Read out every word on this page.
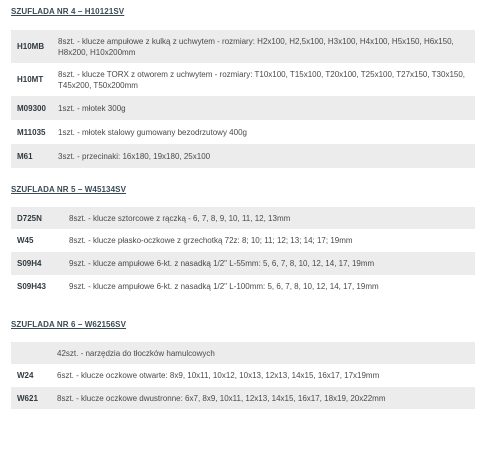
SZUFLADA NR 4 – H10121SV
H10MB	8szt. - klucze ampułowe z kulką z uchwytem - rozmiary: H2x100, H2,5x100, H3x100, H4x100, H5x150, H6x150, H8x200, H10x200mm
H10MT	8szt. - klucze TORX z otworem z uchwytem - rozmiary: T10x100, T15x100, T20x100, T25x100, T27x150, T30x150, T45x200, T50x200mm
M09300	1szt. - młotek 300g
M11035	1szt. - młotek stalowy gumowany bezodrzutowy 400g
M61	3szt. - przecinaki: 16x180, 19x180, 25x100
SZUFLADA NR 5 – W45134SV
D725N	8szt. - klucze sztorcowe z rączką - 6, 7, 8, 9, 10, 11, 12, 13mm
W45	8szt. - klucze płasko-oczkowe z grzechotką 72z: 8; 10; 11; 12; 13; 14; 17; 19mm
S09H4	9szt. - klucze ampułowe 6-kt. z nasadką 1/2" L-55mm: 5, 6, 7, 8, 10, 12, 14, 17, 19mm
S09H43	9szt. - klucze ampułowe 6-kt. z nasadką 1/2" L-100mm: 5, 6, 7, 8, 10, 12, 14, 17, 19mm
SZUFLADA NR 6 – W62156SV
	42szt. - narzędzia do tłoczków hamulcowych
W24	6szt. - klucze oczkowe otwarte: 8x9, 10x11, 10x12, 10x13, 12x13, 14x15, 16x17, 17x19mm
W621	8szt. - klucze oczkowe dwustronne: 6x7, 8x9, 10x11, 12x13, 14x15, 16x17, 18x19, 20x22mm
